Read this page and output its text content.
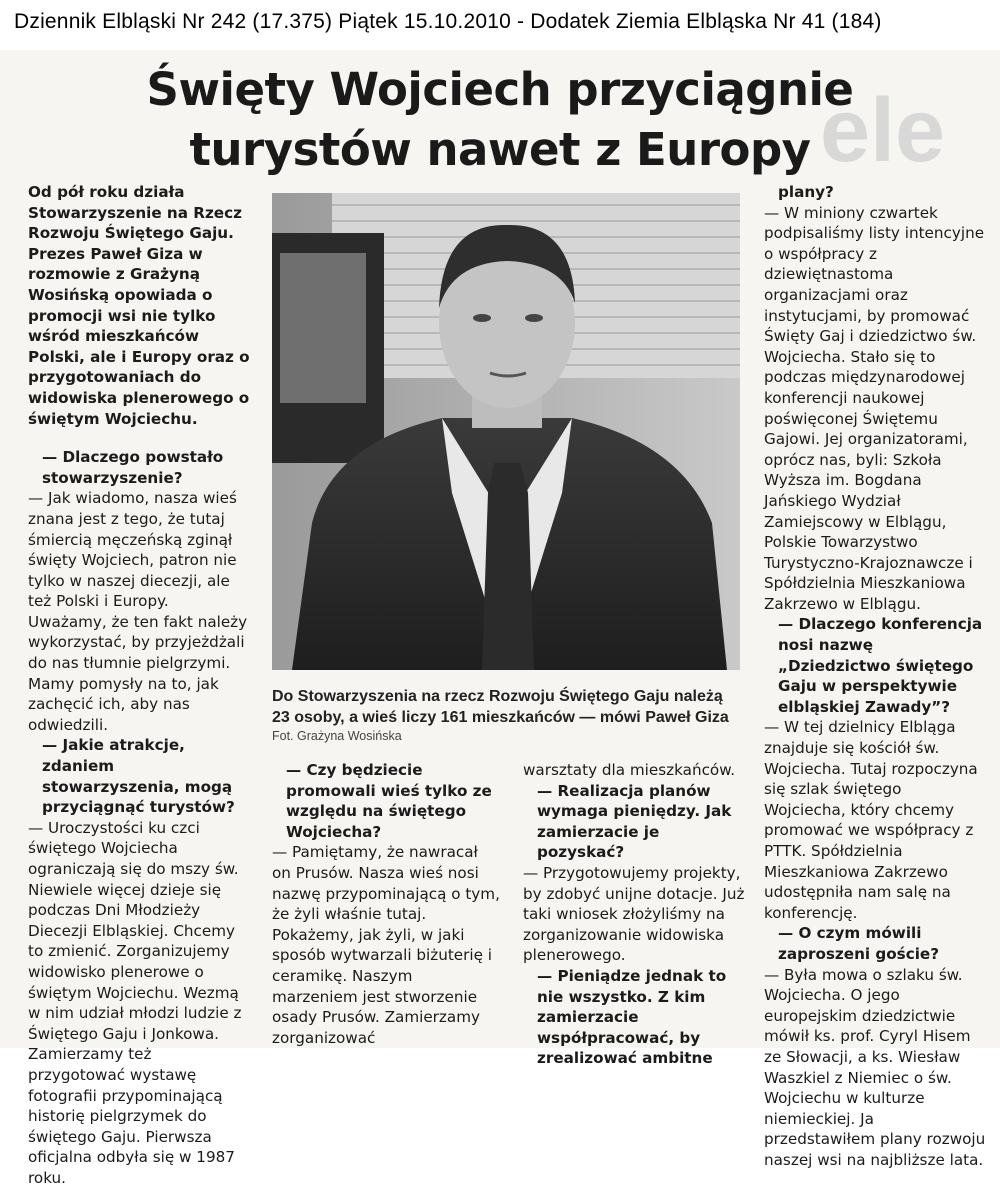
Dziennik Elbląski Nr 242 (17.375) Piątek 15.10.2010 - Dodatek Ziemia Elbląska Nr 41 (184)
ele
Święty Wojciech przyciągnie
turystów nawet z Europy

Od pół roku działa Stowarzyszenie na Rzecz Rozwoju Świętego Gaju. Prezes Paweł Giza w rozmowie z Grażyną Wosińską opowiada o promocji wsi nie tylko wśród mieszkańców Polski, ale i Europy oraz o przygotowaniach do widowiska plenerowego o świętym Wojciechu.

— Dlaczego powstało stowarzyszenie?

— Jak wiadomo, nasza wieś znana jest z tego, że tutaj śmiercią męczeńską zginął święty Wojciech, patron nie tylko w naszej diecezji, ale też Polski i Europy. Uważamy, że ten fakt należy wykorzystać, by przyjeżdżali do nas tłumnie pielgrzymi. Mamy pomysły na to, jak zachęcić ich, aby nas odwiedzili.

— Jakie atrakcje, zdaniem stowarzyszenia, mogą przyciągnąć turystów?

— Uroczystości ku czci świętego Wojciecha ograniczają się do mszy św. Niewiele więcej dzieje się podczas Dni Młodzieży Diecezji Elbląskiej. Chcemy to zmienić. Zorganizujemy widowisko plenerowe o świętym Wojciechu. Wezmą w nim udział młodzi ludzie z Świętego Gaju i Jonkowa. Zamierzamy też przygotować wystawę fotografii przypominającą historię pielgrzymek do świętego Gaju. Pierwsza oficjalna odbyła się w 1987 roku.

Do Stowarzyszenia na rzecz Rozwoju Świętego Gaju należą 23 osoby, a wieś liczy 161 mieszkańców — mówi Paweł Giza
Fot. Grażyna Wosińska

— Czy będziecie promowali wieś tylko ze względu na świętego Wojciecha?

— Pamiętamy, że nawracał on Prusów. Nasza wieś nosi nazwę przypominającą o tym, że żyli właśnie tutaj. Pokażemy, jak żyli, w jaki sposób wytwarzali biżuterię i ceramikę. Naszym marzeniem jest stworzenie osady Prusów. Zamierzamy zorganizować

warsztaty dla mieszkańców.

— Realizacja planów wymaga pieniędzy. Jak zamierzacie je pozyskać?

— Przygotowujemy projekty, by zdobyć unijne dotacje. Już taki wniosek złożyliśmy na zorganizowanie widowiska plenerowego.

— Pieniądze jednak to nie wszystko. Z kim zamierzacie współpracować, by zrealizować ambitne

plany?

— W miniony czwartek podpisaliśmy listy intencyjne o współpracy z dziewiętnastoma organizacjami oraz instytucjami, by promować Święty Gaj i dziedzictwo św. Wojciecha. Stało się to podczas międzynarodowej konferencji naukowej poświęconej Świętemu Gajowi. Jej organizatorami, oprócz nas, byli: Szkoła Wyższa im. Bogdana Jańskiego Wydział Zamiejscowy w Elblągu, Polskie Towarzystwo Turystyczno-Krajoznawcze i Spółdzielnia Mieszkaniowa Zakrzewo w Elblągu.

— Dlaczego konferencja nosi nazwę „Dziedzictwo świętego Gaju w perspektywie elbląskiej Zawady”?

— W tej dzielnicy Elbląga znajduje się kościół św. Wojciecha. Tutaj rozpoczyna się szlak świętego Wojciecha, który chcemy promować we współpracy z PTTK. Spółdzielnia Mieszkaniowa Zakrzewo udostępniła nam salę na konferencję.

— O czym mówili zaproszeni goście?

— Była mowa o szlaku św. Wojciecha. O jego europejskim dziedzictwie mówił ks. prof. Cyryl Hisem ze Słowacji, a ks. Wiesław Waszkiel z Niemiec o św. Wojciechu w kulturze niemieckiej. Ja przedstawiłem plany rozwoju naszej wsi na najbliższe lata.
